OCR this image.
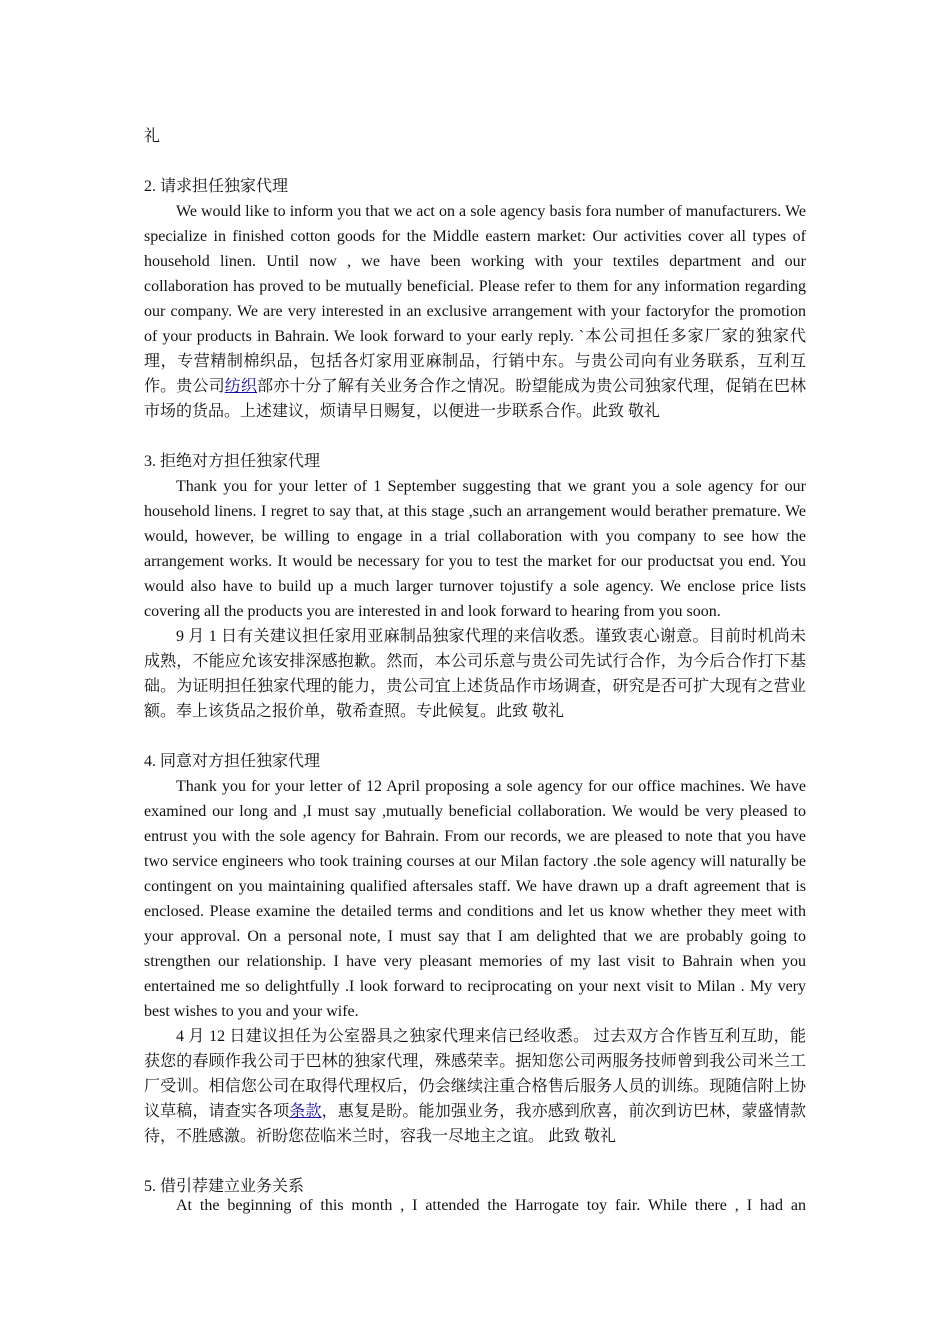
礼

2. 请求担任独家代理

We would like to inform you that we act on a sole agency basis fora number of manufacturers. We specialize in finished cotton goods for the Middle eastern market: Our activities cover all types of household linen. Until now , we have been working with your textiles department and our collaboration has proved to be mutually beneficial. Please refer to them for any information regarding our company. We are very interested in an exclusive arrangement with your factoryfor the promotion of your products in Bahrain. We look forward to your early reply. `本公司担任多家厂家的独家代理，专营精制棉织品，包括各灯家用亚麻制品，行销中东。与贵公司向有业务联系，互利互作。贵公司纺织部亦十分了解有关业务合作之情况。盼望能成为贵公司独家代理，促销在巴林市场的货品。上述建议，烦请早日赐复，以便进一步联系合作。此致 敬礼

3. 拒绝对方担任独家代理

Thank you for your letter of 1 September suggesting that we grant you a sole agency for our household linens. I regret to say that, at this stage ,such an arrangement would berather premature. We would, however, be willing to engage in a trial collaboration with you company to see how the arrangement works. It would be necessary for you to test the market for our productsat you end. You would also have to build up a much larger turnover tojustify a sole agency. We enclose price lists covering all the products you are interested in and look forward to hearing from you soon.

9 月 1 日有关建议担任家用亚麻制品独家代理的来信收悉。谨致衷心谢意。目前时机尚未成熟，不能应允该安排深感抱歉。然而，本公司乐意与贵公司先试行合作，为今后合作打下基础。为证明担任独家代理的能力，贵公司宜上述货品作市场调查，研究是否可扩大现有之营业额。奉上该货品之报价单，敬希查照。专此候复。此致 敬礼

4. 同意对方担任独家代理

Thank you for your letter of 12 April proposing a sole agency for our office machines. We have examined our long and ,I must say ,mutually beneficial collaboration. We would be very pleased to entrust you with the sole agency for Bahrain. From our records, we are pleased to note that you have two service engineers who took training courses at our Milan factory .the sole agency will naturally be contingent on you maintaining qualified aftersales staff. We have drawn up a draft agreement that is enclosed. Please examine the detailed terms and conditions and let us know whether they meet with your approval. On a personal note, I must say that I am delighted that we are probably going to strengthen our relationship. I have very pleasant memories of my last visit to Bahrain when you entertained me so delightfully .I look forward to reciprocating on your next visit to Milan . My very best wishes to you and your wife.

4 月 12 日建议担任为公室器具之独家代理来信已经收悉。 过去双方合作皆互利互助，能获您的春顾作我公司于巴林的独家代理，殊感荣幸。据知您公司两服务技师曾到我公司米兰工厂受训。相信您公司在取得代理权后，仍会继续注重合格售后服务人员的训练。现随信附上协议草稿，请查实各项条款，惠复是盼。能加强业务，我亦感到欣喜，前次到访巴林，蒙盛情款待，不胜感激。祈盼您莅临米兰时，容我一尽地主之谊。 此致 敬礼

5. 借引荐建立业务关系

At the beginning of this month , I attended the Harrogate toy fair. While there , I had an
